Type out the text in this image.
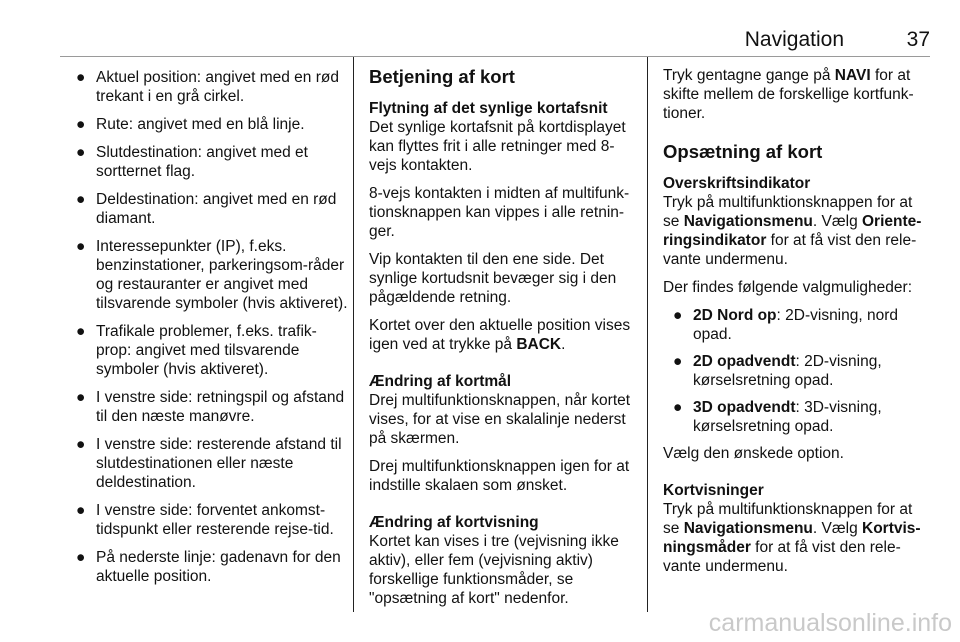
Navigation	37
● Aktuel position: angivet med en rød trekant i en grå cirkel.
● Rute: angivet med en blå linje.
● Slutdestination: angivet med et sortternet flag.
● Deldestination: angivet med en rød diamant.
● Interessepunkter (IP), f.eks. benzinstationer, parkeringsom-råder og restauranter er angivet med tilsvarende symboler (hvis aktiveret).
● Trafikale problemer, f.eks. trafik-prop: angivet med tilsvarende symboler (hvis aktiveret).
● I venstre side: retningspil og afstand til den næste manøvre.
● I venstre side: resterende afstand til slutdestinationen eller næste deldestination.
● I venstre side: forventet ankomst-tidspunkt eller resterende rejse-tid.
● På nederste linje: gadenavn for den aktuelle position.
Betjening af kort

Flytning af det synlige kortafsnit

Det synlige kortafsnit på kortdisplayet kan flyttes frit i alle retninger med 8-vejs kontakten.

8-vejs kontakten i midten af multifunk-tionsknappen kan vippes i alle retnin-ger.

Vip kontakten til den ene side. Det synlige kortudsnit bevæger sig i den pågældende retning.

Kortet over den aktuelle position vises igen ved at trykke på BACK.

Ændring af kortmål

Drej multifunktionsknappen, når kortet vises, for at vise en skalalinje nederst på skærmen.

Drej multifunktionsknappen igen for at indstille skalaen som ønsket.

Ændring af kortvisning

Kortet kan vises i tre (vejvisning ikke aktiv), eller fem (vejvisning aktiv) forskellige funktionsmåder, se "opsætning af kort" nedenfor.

Tryk gentagne gange på NAVI for at skifte mellem de forskellige kortfunk-tioner.

Opsætning af kort

Overskriftsindikator

Tryk på multifunktionsknappen for at se Navigationsmenu. Vælg Oriente-ringsindikator for at få vist den rele-vante undermenu.

Der findes følgende valgmuligheder:

● 2D Nord op: 2D-visning, nord opad.
● 2D opadvendt: 2D-visning, kørselsretning opad.
● 3D opadvendt: 3D-visning, kørselsretning opad.

Vælg den ønskede option.

Kortvisninger

Tryk på multifunktionsknappen for at se Navigationsmenu. Vælg Kortvis-ningsmåder for at få vist den rele-vante undermenu.

carmanualsonline.info
